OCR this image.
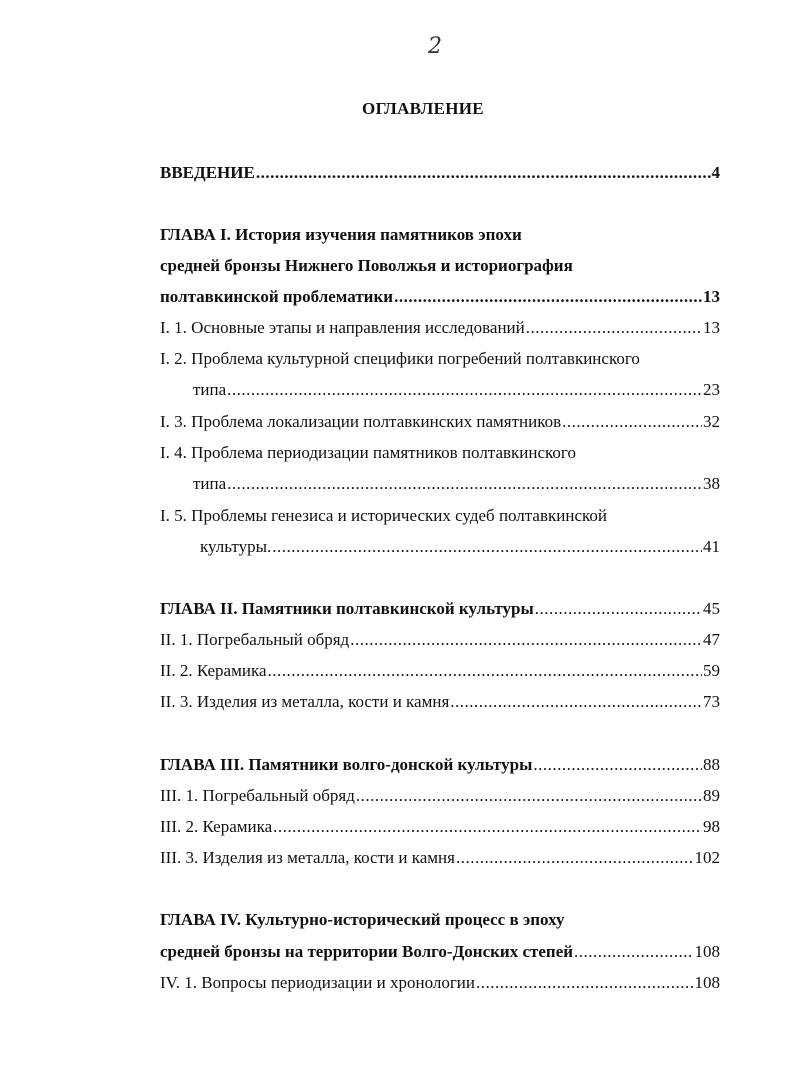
2
ОГЛАВЛЕНИЕ
ВВЕДЕНИЕ .....	4
ГЛАВА I. История изучения памятников эпохи
средней бронзы Нижнего Поволжья и историография
полтавкинской проблематики .....	13
I. 1. Основные этапы и направления исследований .....	13
I. 2. Проблема культурной специфики погребений полтавкинского
типа .....	23
I. 3. Проблема локализации полтавкинских памятников .....	32
I. 4. Проблема периодизации памятников полтавкинского
типа .....	38
I. 5. Проблемы генезиса и исторических судеб полтавкинской
культуры. .....	41
ГЛАВА II. Памятники полтавкинской культуры .....	45
II. 1. Погребальный обряд .....	47
II. 2. Керамика .....	59
II. 3. Изделия из металла, кости и камня .....	73
ГЛАВА III. Памятники волго-донской культуры .....	88
III. 1. Погребальный обряд .....	89
III. 2. Керамика .....	98
III. 3. Изделия из металла, кости и камня .....	102
ГЛАВА IV. Культурно-исторический процесс в эпоху
средней бронзы на территории Волго-Донских степей .....	108
IV. 1. Вопросы периодизации и хронологии .....	108
